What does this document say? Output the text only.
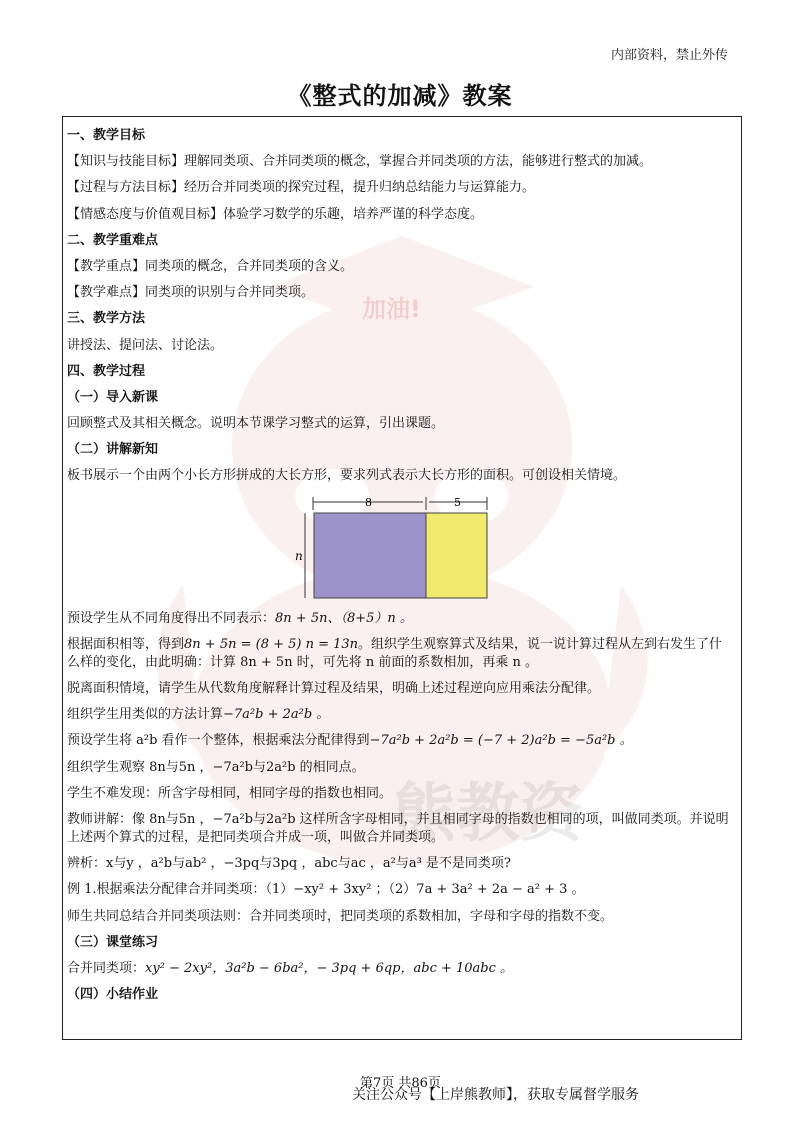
内部资料，禁止外传
《整式的加减》教案
加油!
熊教资
一、教学目标
【知识与技能目标】理解同类项、合并同类项的概念，掌握合并同类项的方法，能够进行整式的加减。
【过程与方法目标】经历合并同类项的探究过程，提升归纳总结能力与运算能力。
【情感态度与价值观目标】体验学习数学的乐趣，培养严谨的科学态度。
二、教学重难点
【教学重点】同类项的概念，合并同类项的含义。
【教学难点】同类项的识别与合并同类项。
三、教学方法
讲授法、提问法、讨论法。
四、教学过程
（一）导入新课
回顾整式及其相关概念。说明本节课学习整式的运算，引出课题。
（二）讲解新知
板书展示一个由两个小长方形拼成的大长方形，要求列式表示大长方形的面积。可创设相关情境。
8	5
n
预设学生从不同角度得出不同表示：8n + 5n、（8+5）n 。
根据面积相等，得到8n + 5n = (8 + 5) n = 13n。组织学生观察算式及结果，说一说计算过程从左到右发生了什么样的变化，由此明确：计算 8n + 5n 时，可先将 n 前面的系数相加，再乘 n 。
脱离面积情境，请学生从代数角度解释计算过程及结果，明确上述过程逆向应用乘法分配律。
组织学生用类似的方法计算−7a²b + 2a²b 。
预设学生将 a²b 看作一个整体，根据乘法分配律得到−7a²b + 2a²b = (−7 + 2)a²b = −5a²b 。
组织学生观察 8n与5n ，−7a²b与2a²b 的相同点。
学生不难发现：所含字母相同，相同字母的指数也相同。
教师讲解：像 8n与5n ，−7a²b与2a²b 这样所含字母相同，并且相同字母的指数也相同的项，叫做同类项。并说明上述两个算式的过程，是把同类项合并成一项，叫做合并同类项。
辨析：x与y ，a²b与ab² ，−3pq与3pq ，abc与ac ，a²与a³ 是不是同类项?
例 1.根据乘法分配律合并同类项：（1）−xy² + 3xy² ；（2）7a + 3a² + 2a − a² + 3 。
师生共同总结合并同类项法则：合并同类项时，把同类项的系数相加，字母和字母的指数不变。
（三）课堂练习
合并同类项：xy² − 2xy²，3a²b − 6ba²，− 3pq + 6qp，abc + 10abc 。
（四）小结作业
第7页 共86页
关注公众号【上岸熊教师】，获取专属督学服务
